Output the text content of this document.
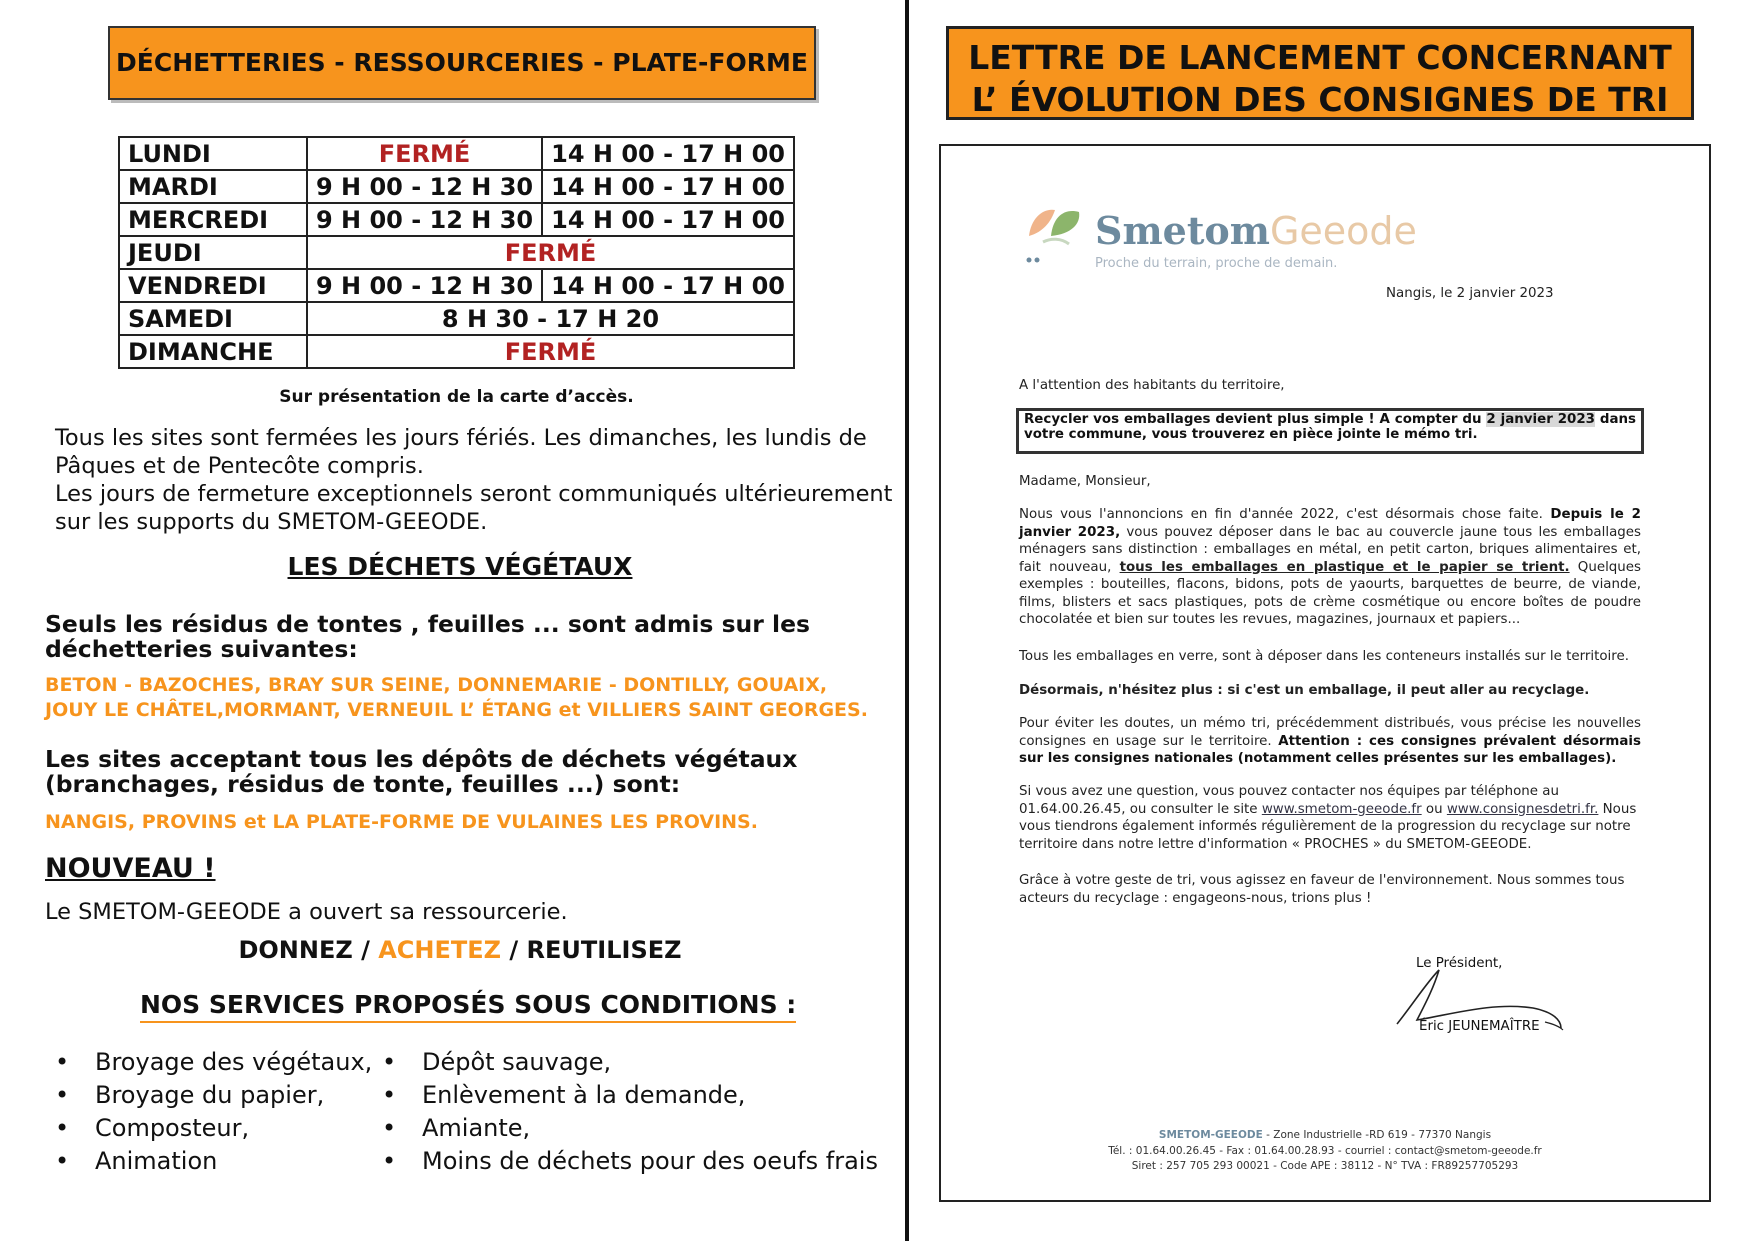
DÉCHETTERIES - RESSOURCERIES - PLATE-FORME
LUNDI	FERMÉ	14 H 00 - 17 H 00
MARDI	9 H 00 - 12 H 30	14 H 00 - 17 H 00
MERCREDI	9 H 00 - 12 H 30	14 H 00 - 17 H 00
JEUDI	FERMÉ	
VENDREDI	9 H 00 - 12 H 30	14 H 00 - 17 H 00
SAMEDI	8 H 30 - 17 H 20	
DIMANCHE	FERMÉ	
Sur présentation de la carte d’accès.
Tous les sites sont fermées les jours fériés. Les dimanches, les lundis de
Pâques et de Pentecôte compris.
Les jours de fermeture exceptionnels seront communiqués ultérieurement
sur les supports du SMETOM-GEEODE.
LES DÉCHETS VÉGÉTAUX
Seuls les résidus de tontes , feuilles ... sont admis sur les
déchetteries suivantes:
BETON - BAZOCHES, BRAY SUR SEINE, DONNEMARIE - DONTILLY, GOUAIX,
JOUY LE CHÂTEL,MORMANT, VERNEUIL L’ ÉTANG et VILLIERS SAINT GEORGES.
Les sites acceptant tous les dépôts de déchets végétaux
(branchages, résidus de tonte, feuilles ...) sont:
NANGIS, PROVINS et LA PLATE-FORME DE VULAINES LES PROVINS.
NOUVEAU !
Le SMETOM-GEEODE a ouvert sa ressourcerie.
DONNEZ / ACHETEZ / REUTILISEZ
NOS SERVICES PROPOSÉS SOUS CONDITIONS :
• Broyage des végétaux,
• Broyage du papier,
• Composteur,
• Animation
• Dépôt sauvage,
• Enlèvement à la demande,
• Amiante,
• Moins de déchets pour des oeufs frais
LETTRE DE LANCEMENT CONCERNANT
L’ ÉVOLUTION DES CONSIGNES DE TRI
SmetomGeeode
Proche du terrain, proche de demain.
Nangis, le 2 janvier 2023
A l'attention des habitants du territoire,
Recycler vos emballages devient plus simple ! A compter du 2 janvier 2023 dans votre commune, vous trouverez en pièce jointe le mémo tri.
Madame, Monsieur,
Nous vous l'annoncions en fin d'année 2022, c'est désormais chose faite. Depuis le 2 janvier 2023, vous pouvez déposer dans le bac au couvercle jaune tous les emballages ménagers sans distinction : emballages en métal, en petit carton, briques alimentaires et, fait nouveau, tous les emballages en plastique et le papier se trient. Quelques exemples : bouteilles, flacons, bidons, pots de yaourts, barquettes de beurre, de viande, films, blisters et sacs plastiques, pots de crème cosmétique ou encore boîtes de poudre chocolatée et bien sur toutes les revues, magazines, journaux et papiers...
Tous les emballages en verre, sont à déposer dans les conteneurs installés sur le territoire.
Désormais, n'hésitez plus : si c'est un emballage, il peut aller au recyclage.
Pour éviter les doutes, un mémo tri, précédemment distribués, vous précise les nouvelles consignes en usage sur le territoire. Attention : ces consignes prévalent désormais sur les consignes nationales (notamment celles présentes sur les emballages).
Si vous avez une question, vous pouvez contacter nos équipes par téléphone au 01.64.00.26.45, ou consulter le site www.smetom-geeode.fr ou www.consignesdetri.fr. Nous vous tiendrons également informés régulièrement de la progression du recyclage sur notre territoire dans notre lettre d'information « PROCHES » du SMETOM-GEEODE.
Grâce à votre geste de tri, vous agissez en faveur de l'environnement. Nous sommes tous acteurs du recyclage : engageons-nous, trions plus !
Le Président,
Éric JEUNEMAÎTRE
SMETOM-GEEODE - Zone Industrielle -RD 619 - 77370 Nangis
Tél. : 01.64.00.26.45 - Fax : 01.64.00.28.93 - courriel : contact@smetom-geeode.fr
Siret : 257 705 293 00021 - Code APE : 38112 - N° TVA : FR89257705293
